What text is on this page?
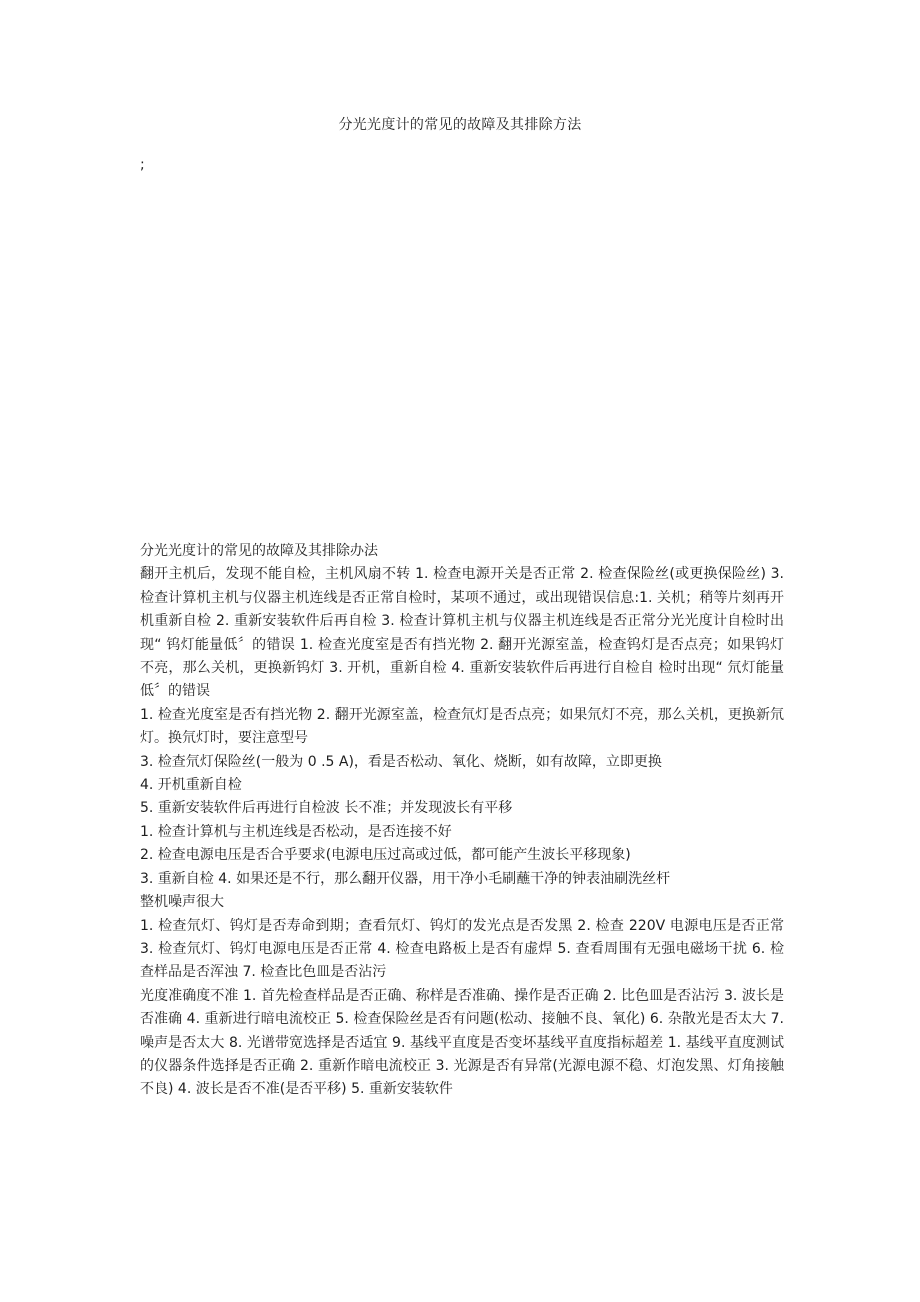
分光光度计的常见的故障及其排除方法
;

分光光度计的常见的故障及其排除办法

翻开主机后，发现不能自检，主机风扇不转 1. 检查电源开关是否正常 2. 检查保险丝(或更换保险丝) 3. 检查计算机主机与仪器主机连线是否正常自检时，某项不通过，或出现错误信息:1. 关机；稍等片刻再开机重新自检 2. 重新安装软件后再自检 3. 检查计算机主机与仪器主机连线是否正常分光光度计自检时出现“ 钨灯能量低〞的错误 1. 检查光度室是否有挡光物 2. 翻开光源室盖，检查钨灯是否点亮；如果钨灯不亮，那么关机，更换新钨灯 3. 开机，重新自检 4. 重新安装软件后再进行自检自 检时出现“ 氘灯能量低〞的错误

1. 检查光度室是否有挡光物 2. 翻开光源室盖，检查氘灯是否点亮；如果氘灯不亮，那么关机，更换新氘灯。换氘灯时，要注意型号

3. 检查氘灯保险丝(一般为 0 .5 A)，看是否松动、氧化、烧断，如有故障，立即更换

4. 开机重新自检

5. 重新安装软件后再进行自检波 长不准；并发现波长有平移

1. 检查计算机与主机连线是否松动，是否连接不好

2. 检查电源电压是否合乎要求(电源电压过高或过低，都可能产生波长平移现象)

3. 重新自检 4. 如果还是不行，那么翻开仪器，用干净小毛刷蘸干净的钟表油刷洗丝杆

整机噪声很大

1. 检查氘灯、钨灯是否寿命到期；查看氘灯、钨灯的发光点是否发黑 2. 检查 220V 电源电压是否正常 3. 检查氘灯、钨灯电源电压是否正常 4. 检查电路板上是否有虚焊 5. 查看周围有无强电磁场干扰 6. 检查样品是否浑浊 7. 检查比色皿是否沾污

光度准确度不准 1. 首先检查样品是否正确、称样是否准确、操作是否正确 2. 比色皿是否沾污 3. 波长是否准确 4. 重新进行暗电流校正 5. 检查保险丝是否有问题(松动、接触不良、氧化) 6. 杂散光是否太大 7. 噪声是否太大 8. 光谱带宽选择是否适宜 9. 基线平直度是否变坏基线平直度指标超差 1. 基线平直度测试的仪器条件选择是否正确 2. 重新作暗电流校正 3. 光源是否有异常(光源电源不稳、灯泡发黑、灯角接触不良) 4. 波长是否不准(是否平移) 5. 重新安装软件
